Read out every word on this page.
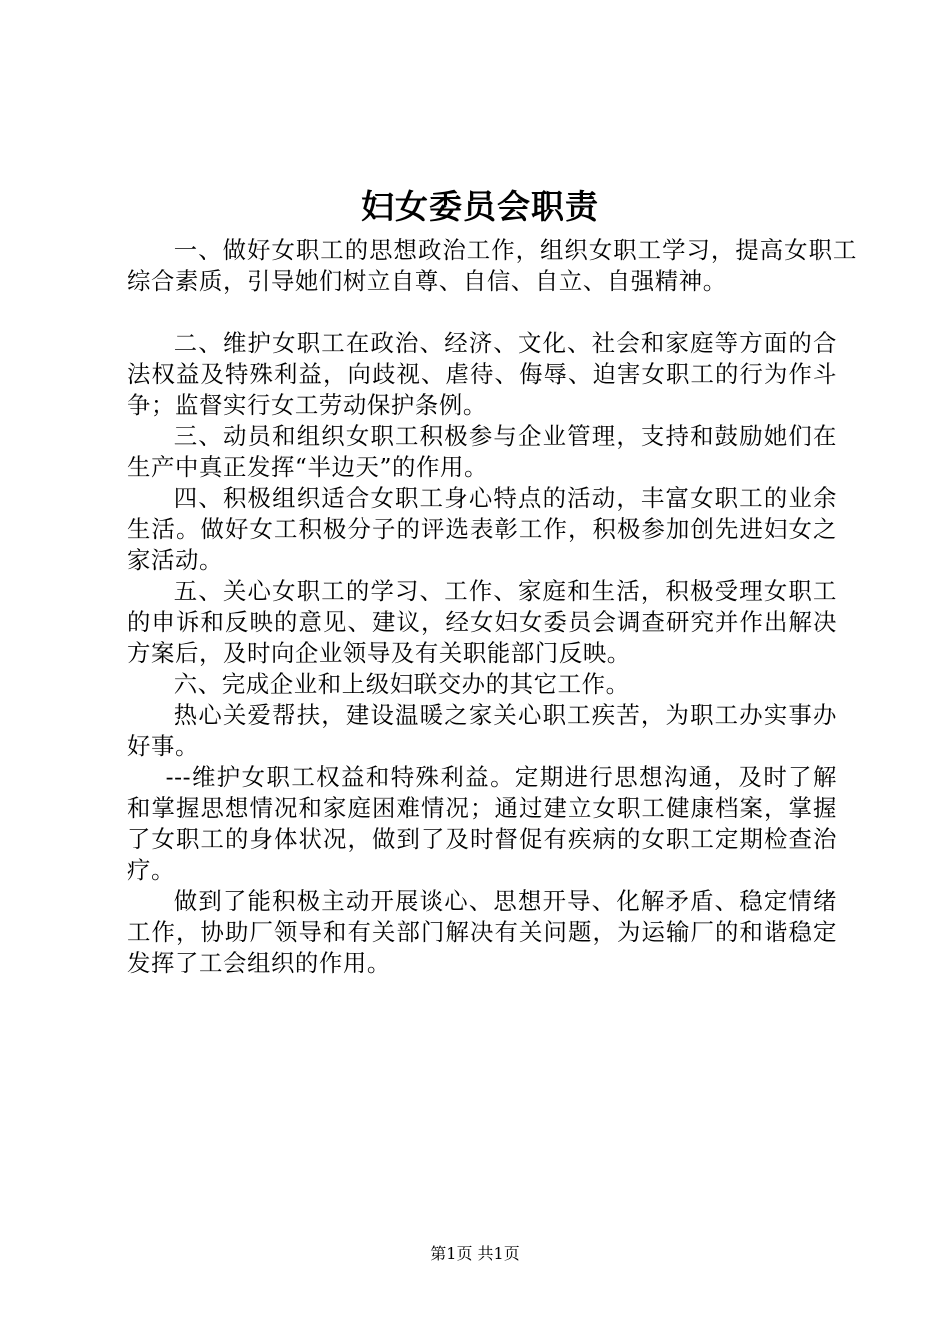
妇女委员会职责

一、做好女职工的思想政治工作，组织女职工学习，提高女职工综合素质，引导她们树立自尊、自信、自立、自强精神。

二、维护女职工在政治、经济、文化、社会和家庭等方面的合法权益及特殊利益，向歧视、虐待、侮辱、迫害女职工的行为作斗争；监督实行女工劳动保护条例。

三、动员和组织女职工积极参与企业管理，支持和鼓励她们在生产中真正发挥“半边天”的作用。

四、积极组织适合女职工身心特点的活动，丰富女职工的业余生活。做好女工积极分子的评选表彰工作，积极参加创先进妇女之家活动。

五、关心女职工的学习、工作、家庭和生活，积极受理女职工的申诉和反映的意见、建议，经女妇女委员会调查研究并作出解决方案后，及时向企业领导及有关职能部门反映。

六、完成企业和上级妇联交办的其它工作。

热心关爱帮扶，建设温暖之家关心职工疾苦，为职工办实事办好事。

---维护女职工权益和特殊利益。定期进行思想沟通，及时了解和掌握思想情况和家庭困难情况；通过建立女职工健康档案，掌握了女职工的身体状况，做到了及时督促有疾病的女职工定期检查治疗。

做到了能积极主动开展谈心、思想开导、化解矛盾、稳定情绪工作，协助厂领导和有关部门解决有关问题，为运输厂的和谐稳定发挥了工会组织的作用。

第1页 共1页
